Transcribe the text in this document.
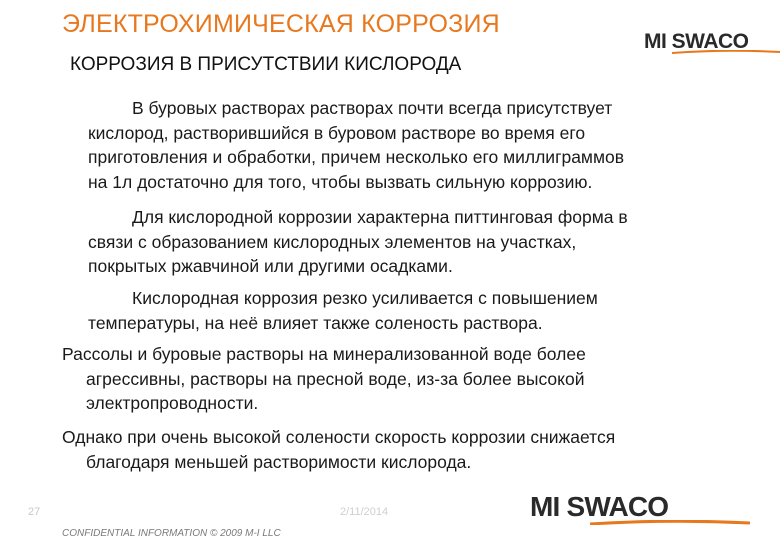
ЭЛЕКТРОХИМИЧЕСКАЯ КОРРОЗИЯ
КОРРОЗИЯ В ПРИСУТСТВИИ КИСЛОРОДА
MI SWACO
В буровых растворах растворах почти всегда присутствует
кислород, растворившийся в буровом растворе во время его
приготовления и обработки, причем несколько его миллиграммов
на 1л достаточно для того, чтобы вызвать сильную коррозию.
Для кислородной коррозии характерна питтинговая форма в
связи с образованием кислородных элементов на участках,
покрытых ржавчиной или другими осадками.
Кислородная коррозия резко усиливается с повышением
температуры, на неё влияет также соленость раствора.
Рассолы и буровые растворы на минерализованной воде более
агрессивны, растворы на пресной воде, из-за более высокой
электропроводности.
Однако при очень высокой солености скорость коррозии снижается
благодаря меньшей растворимости кислорода.
27	2/11/2014
CONFIDENTIAL INFORMATION © 2009 M-I LLC
MI SWACO
